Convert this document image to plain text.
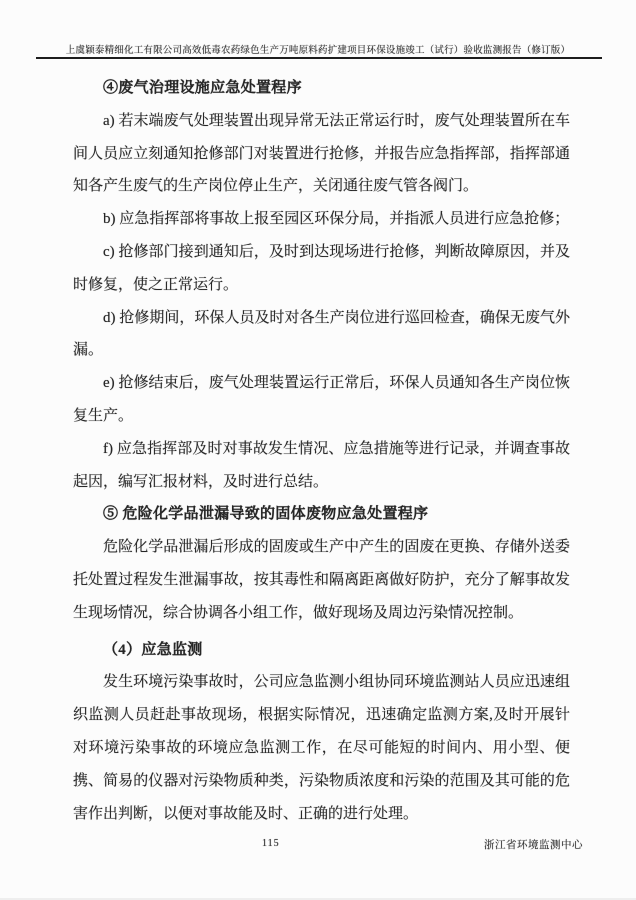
上虞颖泰精细化工有限公司高效低毒农药绿色生产万吨原料药扩建项目环保设施竣工（试行）验收监测报告（修订版）

④废气治理设施应急处置程序

a) 若末端废气处理装置出现异常无法正常运行时，废气处理装置所在车间人员应立刻通知抢修部门对装置进行抢修，并报告应急指挥部，指挥部通知各产生废气的生产岗位停止生产，关闭通往废气管各阀门。

b) 应急指挥部将事故上报至园区环保分局，并指派人员进行应急抢修；

c) 抢修部门接到通知后，及时到达现场进行抢修，判断故障原因，并及时修复，使之正常运行。

d) 抢修期间，环保人员及时对各生产岗位进行巡回检查，确保无废气外漏。

e) 抢修结束后，废气处理装置运行正常后，环保人员通知各生产岗位恢复生产。

f) 应急指挥部及时对事故发生情况、应急措施等进行记录，并调查事故起因，编写汇报材料，及时进行总结。

⑤ 危险化学品泄漏导致的固体废物应急处置程序

危险化学品泄漏后形成的固废或生产中产生的固废在更换、存储外送委托处置过程发生泄漏事故，按其毒性和隔离距离做好防护，充分了解事故发生现场情况，综合协调各小组工作，做好现场及周边污染情况控制。

（4）应急监测

发生环境污染事故时，公司应急监测小组协同环境监测站人员应迅速组织监测人员赶赴事故现场，根据实际情况，迅速确定监测方案,及时开展针对环境污染事故的环境应急监测工作，在尽可能短的时间内、用小型、便携、简易的仪器对污染物质种类，污染物质浓度和污染的范围及其可能的危害作出判断，以便对事故能及时、正确的进行处理。

115	浙江省环境监测中心
